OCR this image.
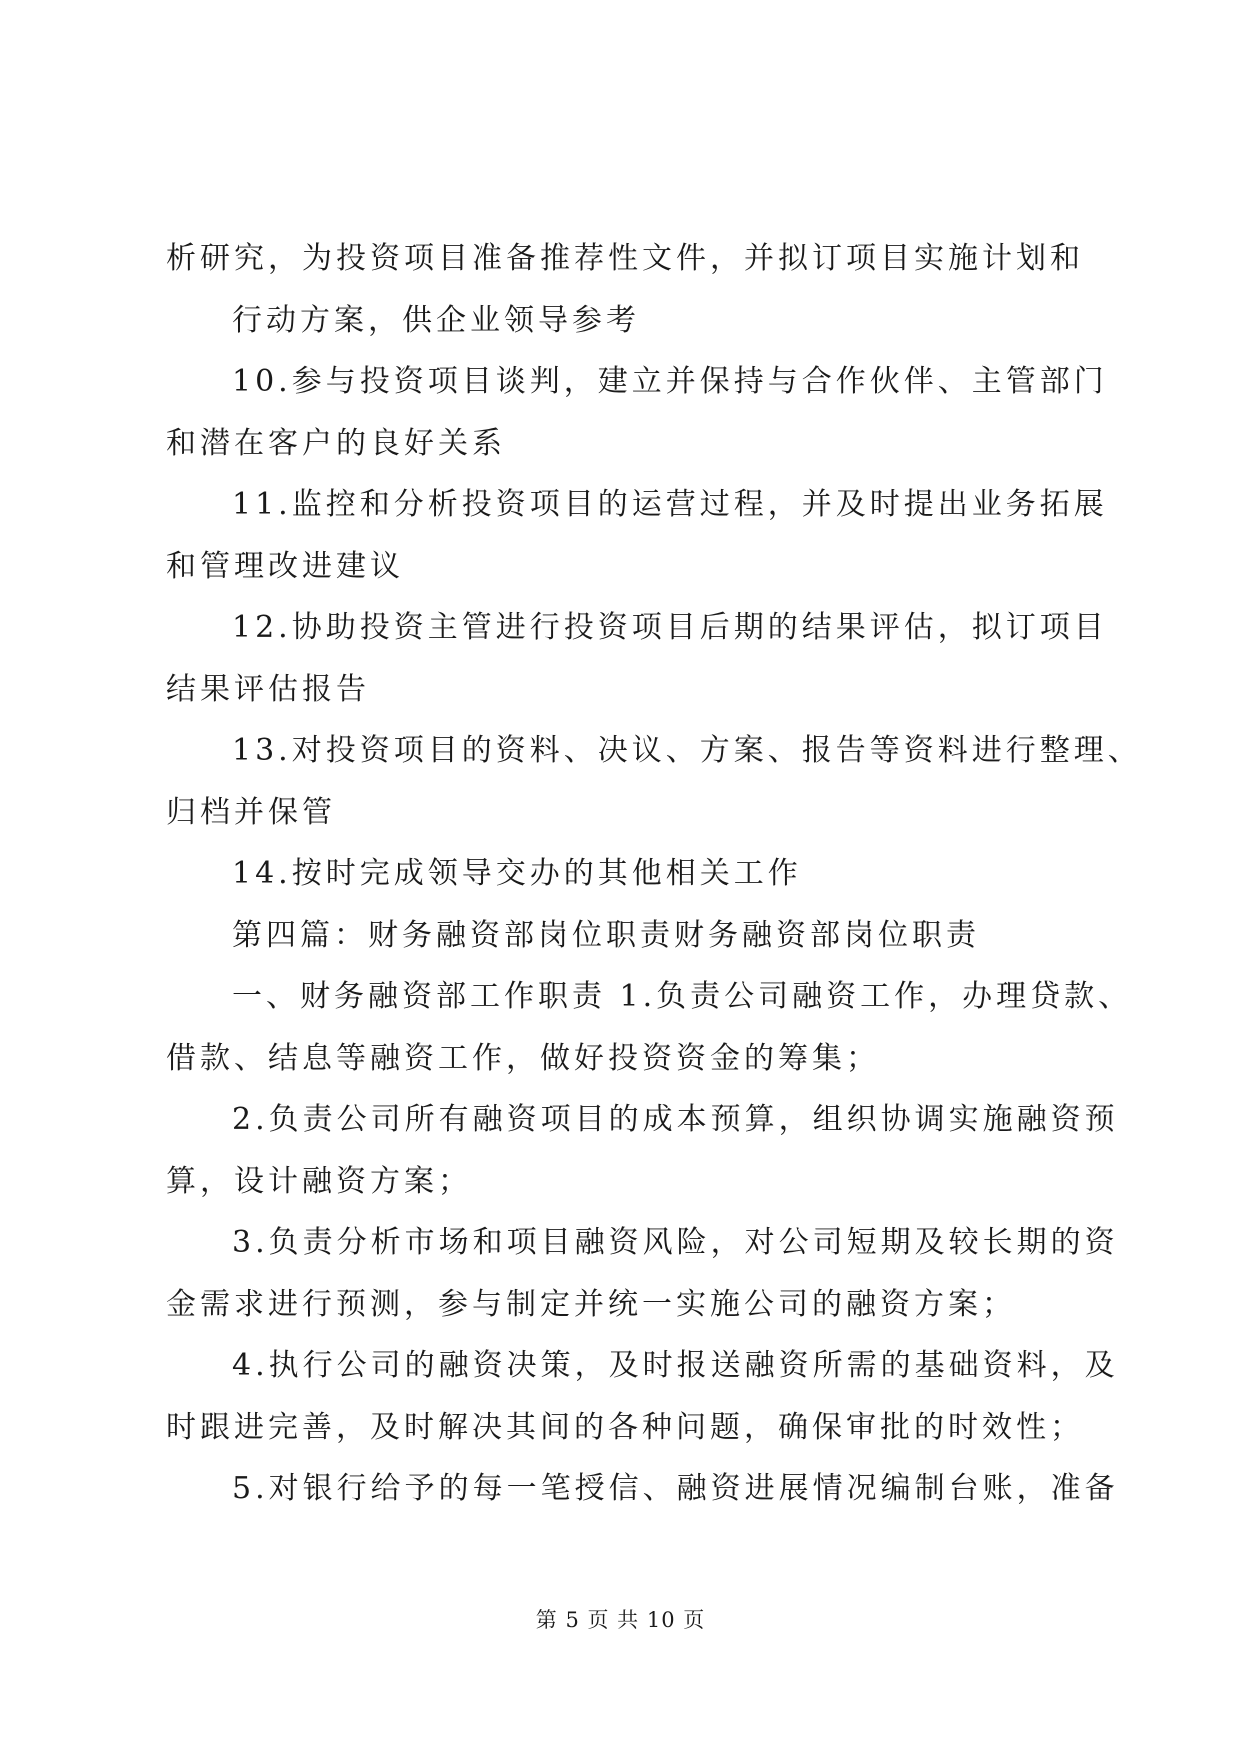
析研究，为投资项目准备推荐性文件，并拟订项目实施计划和
行动方案，供企业领导参考
10.参与投资项目谈判，建立并保持与合作伙伴、主管部门
和潜在客户的良好关系
11.监控和分析投资项目的运营过程，并及时提出业务拓展
和管理改进建议
12.协助投资主管进行投资项目后期的结果评估，拟订项目
结果评估报告
13.对投资项目的资料、决议、方案、报告等资料进行整理、
归档并保管
14.按时完成领导交办的其他相关工作
第四篇：财务融资部岗位职责财务融资部岗位职责
一、财务融资部工作职责 1.负责公司融资工作，办理贷款、
借款、结息等融资工作，做好投资资金的筹集；
2.负责公司所有融资项目的成本预算，组织协调实施融资预
算，设计融资方案；
3.负责分析市场和项目融资风险，对公司短期及较长期的资
金需求进行预测，参与制定并统一实施公司的融资方案；
4.执行公司的融资决策，及时报送融资所需的基础资料，及
时跟进完善，及时解决其间的各种问题，确保审批的时效性；
5.对银行给予的每一笔授信、融资进展情况编制台账，准备
第 5 页 共 10 页
